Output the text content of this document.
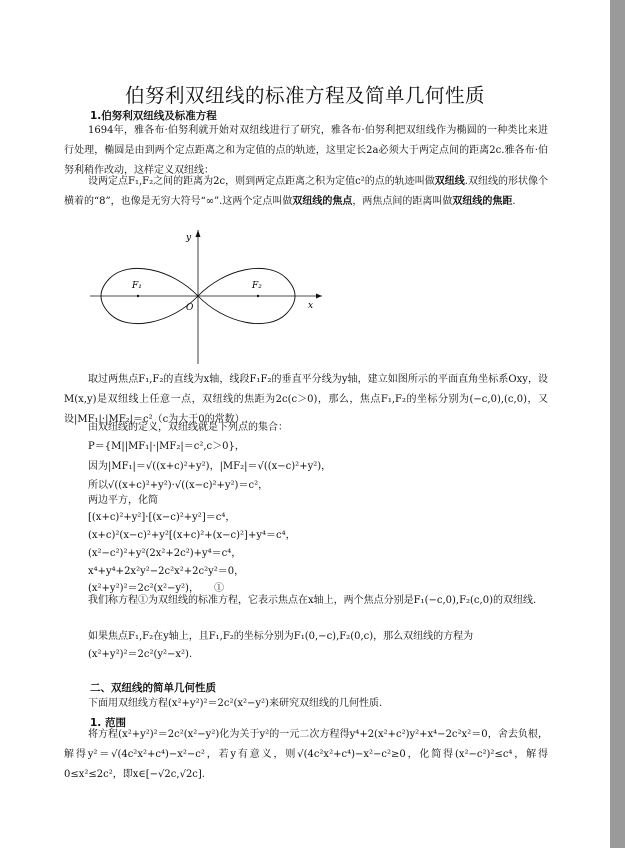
伯努利双纽线的标准方程及简单几何性质
1.伯努利双纽线及标准方程
1694年，雅各布·伯努利就开始对双纽线进行了研究，雅各布·伯努利把双纽线作为椭圆的一种类比来进行处理，椭圆是由到两个定点距离之和为定值的点的轨迹，这里定长2a必须大于两定点间的距离2c.雅各布·伯努利稍作改动，这样定义双纽线：
设两定点F₁,F₂之间的距离为2c，则到两定点距离之积为定值c²的点的轨迹叫做双纽线.双纽线的形状像个横着的“8”，也像是无穷大符号“∞”.这两个定点叫做双纽线的焦点，两焦点间的距离叫做双纽线的焦距.
y
x
O
F₁	F₂
取过两焦点F₁,F₂的直线为x轴，线段F₁F₂的垂直平分线为y轴，建立如图所示的平面直角坐标系Oxy，设M(x,y)是双纽线上任意一点，双纽线的焦距为2c(c＞0)，那么，焦点F₁,F₂的坐标分别为(−c,0),(c,0)，又设|MF₁|·|MF₂|＝c²（c为大于0的常数）.
由双纽线的定义，双纽线就是下列点的集合：
P＝{M||MF₁|·|MF₂|＝c²,c＞0}，
因为|MF₁|＝√((x+c)²+y²)，|MF₂|＝√((x−c)²+y²)，
所以√((x+c)²+y²)·√((x−c)²+y²)＝c²，
两边平方，化简
[(x+c)²+y²]·[(x−c)²+y²]＝c⁴，
(x+c)²(x−c)²+y²[(x+c)²+(x−c)²]+y⁴＝c⁴，
(x²−c²)²+y²(2x²+2c²)+y⁴＝c⁴，
x⁴+y⁴+2x²y²−2c²x²+2c²y²＝0，
(x²+y²)²＝2c²(x²−y²)，　　①
我们称方程①为双纽线的标准方程，它表示焦点在x轴上，两个焦点分别是F₁(−c,0),F₂(c,0)的双纽线.
如果焦点F₁,F₂在y轴上，且F₁,F₂的坐标分别为F₁(0,−c),F₂(0,c)，那么双纽线的方程为
(x²+y²)²＝2c²(y²−x²).
二、双纽线的简单几何性质
下面用双纽线方程(x²+y²)²＝2c²(x²−y²)来研究双纽线的几何性质.
1. 范围
将方程(x²+y²)²＝2c²(x²−y²)化为关于y²的一元二次方程得y⁴+2(x²+c²)y²+x⁴−2c²x²＝0，舍去负根，解得y²＝√(4c²x²+c⁴)−x²−c²，若y有意义，则√(4c²x²+c⁴)−x²−c²≥0，化简得(x²−c²)²≤c⁴，解得0≤x²≤2c²，即x∈[−√2c,√2c].
